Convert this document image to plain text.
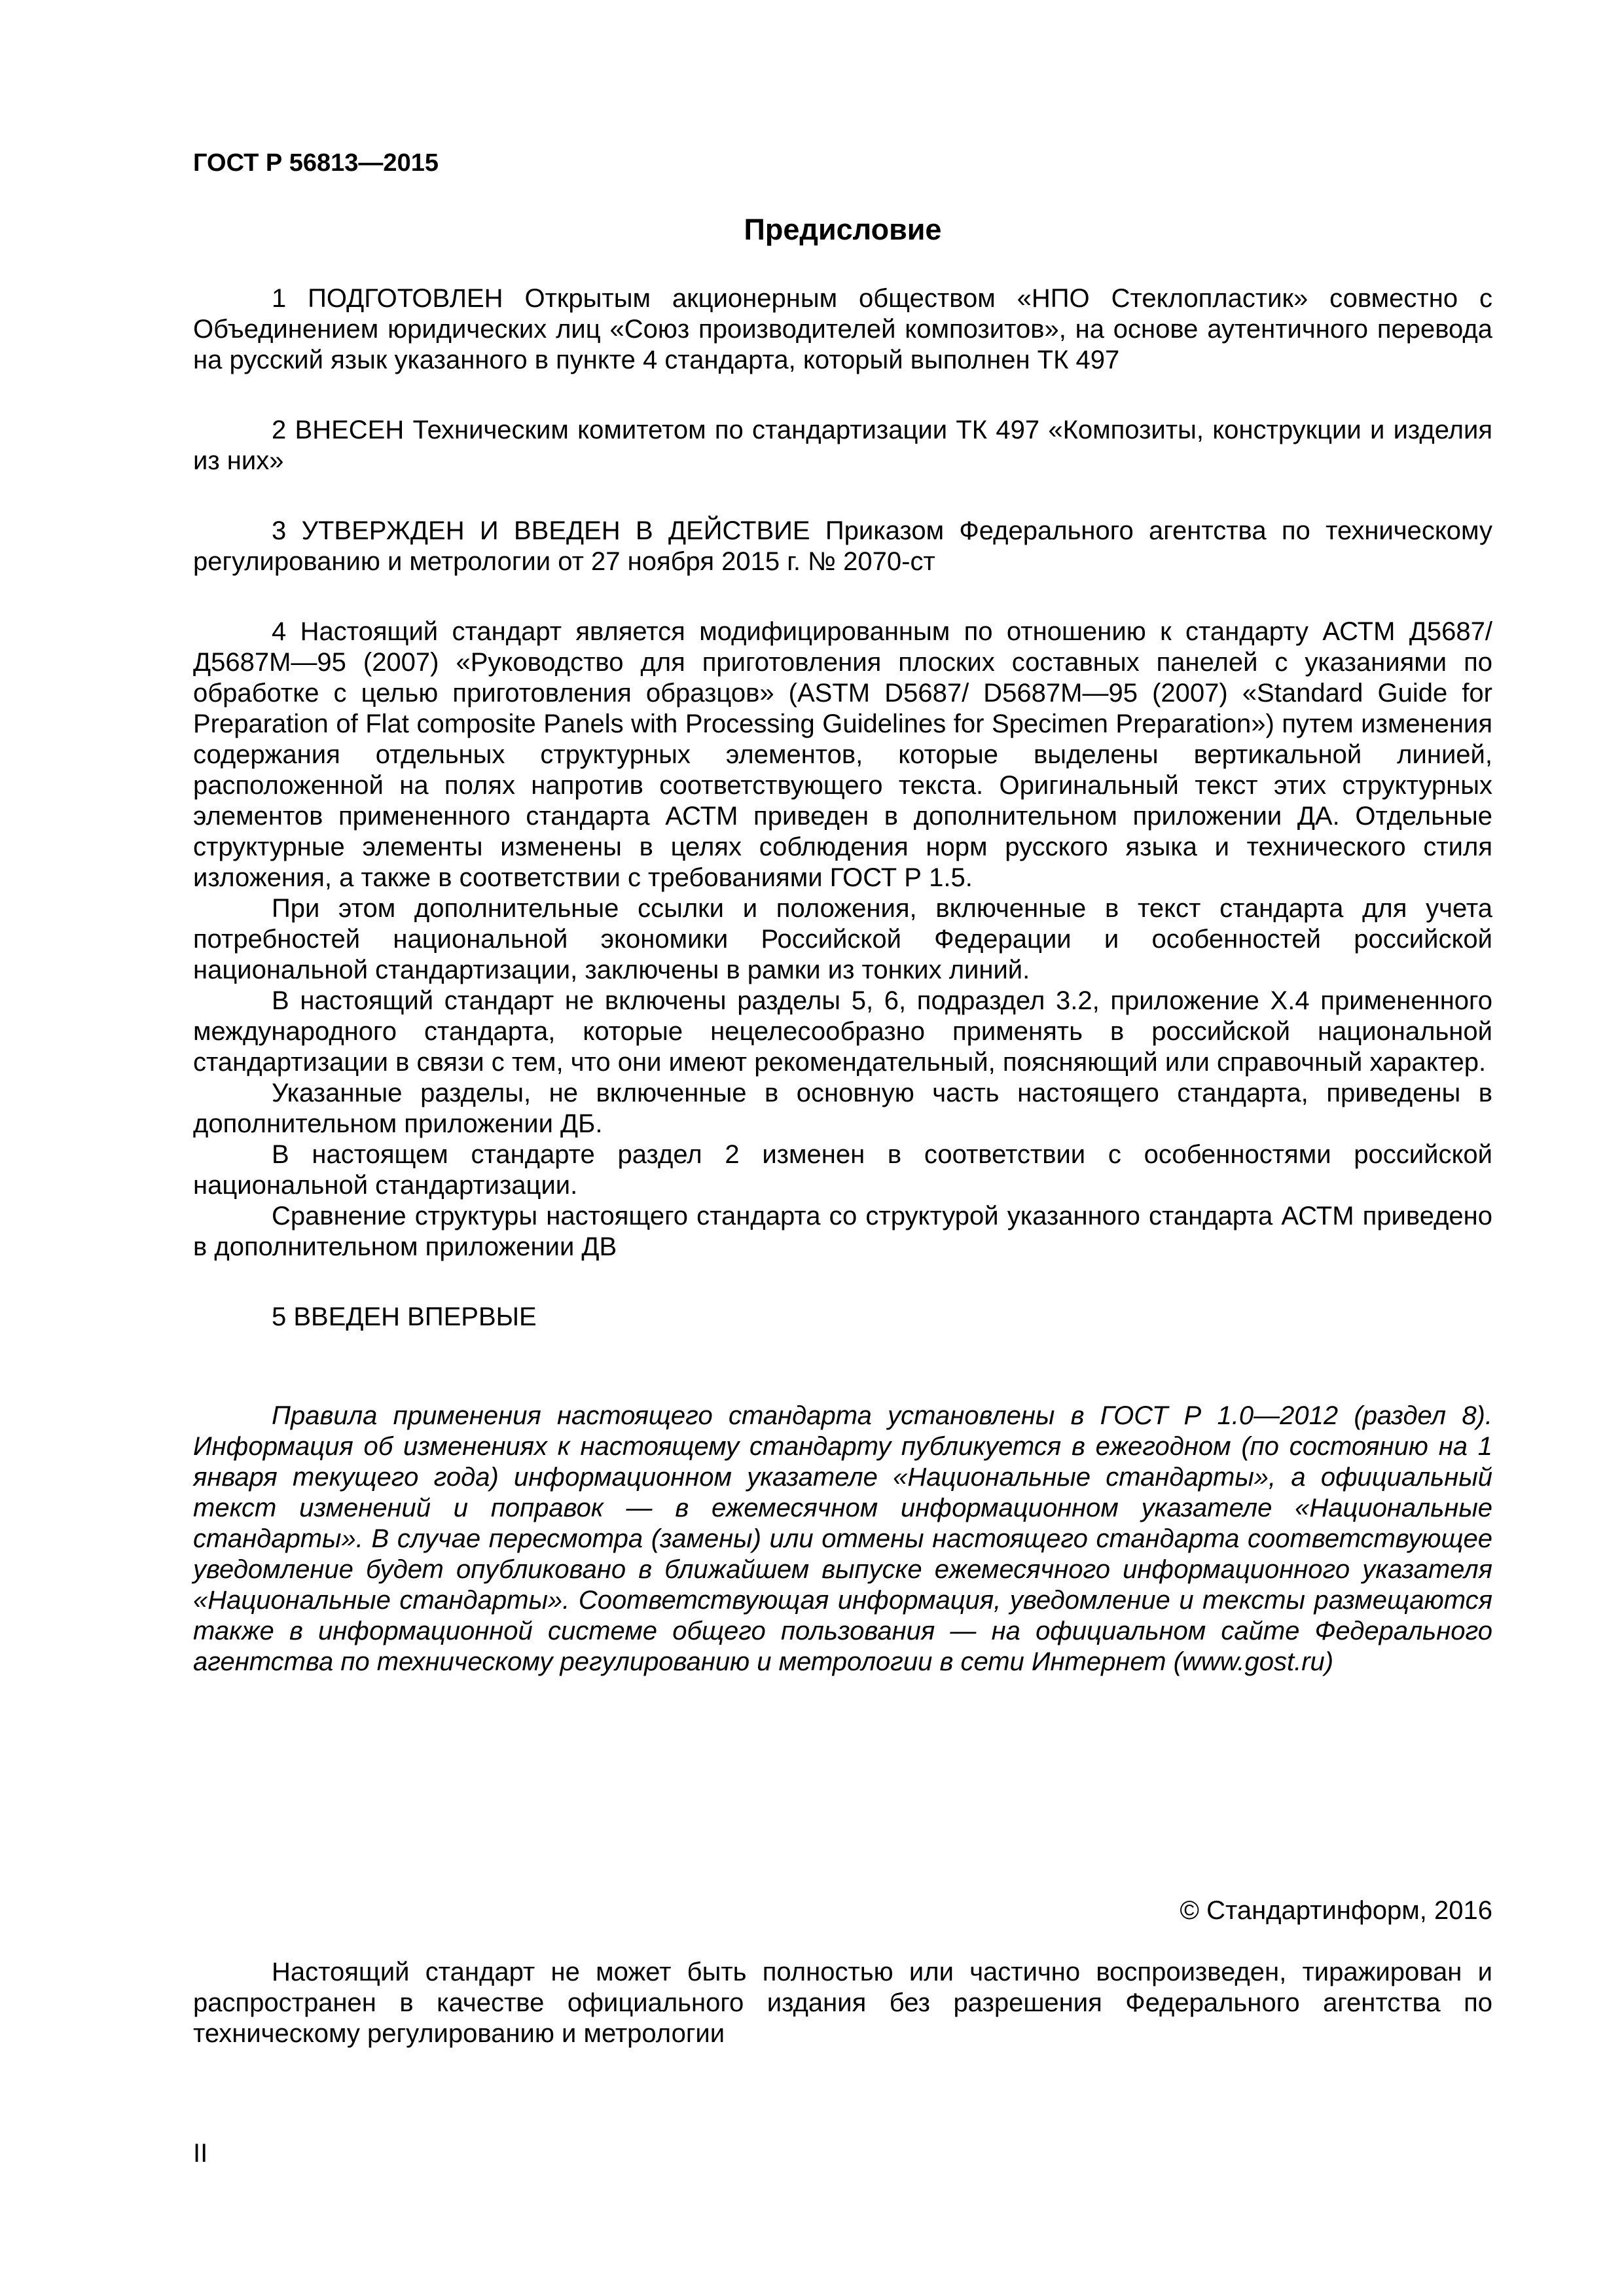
ГОСТ Р 56813—2015
Предисловие

1 ПОДГОТОВЛЕН Открытым акционерным обществом «НПО Стеклопластик» совместно с Объединением юридических лиц «Союз производителей композитов», на основе аутентичного перевода на русский язык указанного в пункте 4 стандарта, который выполнен ТК 497

2 ВНЕСЕН Техническим комитетом по стандартизации ТК 497 «Композиты, конструкции и изделия из них»

3 УТВЕРЖДЕН И ВВЕДЕН В ДЕЙСТВИЕ Приказом Федерального агентства по техническому регулированию и метрологии от 27 ноября 2015 г. № 2070-ст

4 Настоящий стандарт является модифицированным по отношению к стандарту АСТМ Д5687/Д5687М—95 (2007) «Руководство для приготовления плоских составных панелей с указаниями по обработке с целью приготовления образцов» (ASTM D5687/ D5687M—95 (2007) «Standard Guide for Preparation of Flat composite Panels with Processing Guidelines for Specimen Preparation») путем изменения содержания отдельных структурных элементов, которые выделены вертикальной линией, расположенной на полях напротив соответствующего текста. Оригинальный текст этих структурных элементов примененного стандарта АСТМ приведен в дополнительном приложении ДА. Отдельные структурные элементы изменены в целях соблюдения норм русского языка и технического стиля изложения, а также в соответствии с требованиями ГОСТ Р 1.5.

При этом дополнительные ссылки и положения, включенные в текст стандарта для учета потребностей национальной экономики Российской Федерации и особенностей российской национальной стандартизации, заключены в рамки из тонких линий.

В настоящий стандарт не включены разделы 5, 6, подраздел 3.2, приложение Х.4 примененного международного стандарта, которые нецелесообразно применять в российской национальной стандартизации в связи с тем, что они имеют рекомендательный, поясняющий или справочный характер.

Указанные разделы, не включенные в основную часть настоящего стандарта, приведены в дополнительном приложении ДБ.

В настоящем стандарте раздел 2 изменен в соответствии с особенностями российской национальной стандартизации.

Сравнение структуры настоящего стандарта со структурой указанного стандарта АСТМ приведено в дополнительном приложении ДВ

5 ВВЕДЕН ВПЕРВЫЕ

Правила применения настоящего стандарта установлены в ГОСТ Р 1.0—2012 (раздел 8). Информация об изменениях к настоящему стандарту публикуется в ежегодном (по состоянию на 1 января текущего года) информационном указателе «Национальные стандарты», а официальный текст изменений и поправок — в ежемесячном информационном указателе «Национальные стандарты». В случае пересмотра (замены) или отмены настоящего стандарта соответствующее уведомление будет опубликовано в ближайшем выпуске ежемесячного информационного указателя «Национальные стандарты». Соответствующая информация, уведомление и тексты размещаются также в информационной системе общего пользования — на официальном сайте Федерального агентства по техническому регулированию и метрологии в сети Интернет (www.gost.ru)

© Стандартинформ, 2016

Настоящий стандарт не может быть полностью или частично воспроизведен, тиражирован и распространен в качестве официального издания без разрешения Федерального агентства по техническому регулированию и метрологии

II
